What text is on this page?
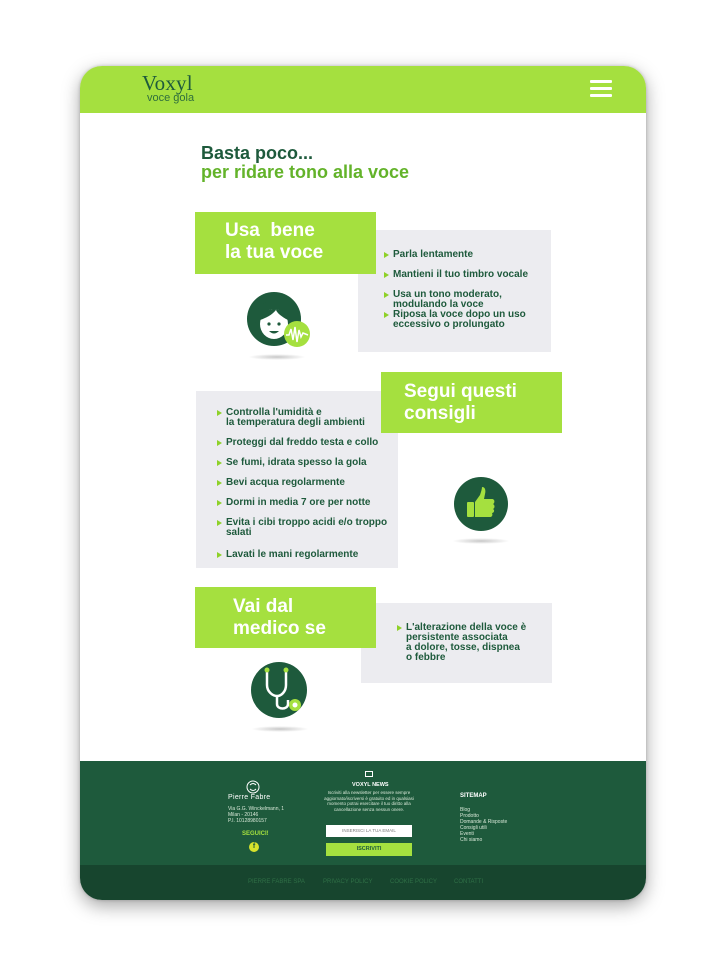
Voxyl
voce gola
Basta poco...
per ridare tono alla voce
Parla lentamente
Mantieni il tuo timbro vocale
Usa un tono moderato,
modulando la voce
Riposa la voce dopo un uso
eccessivo o prolungato
Usa  bene
la tua voce
Controlla l'umidità e
la temperatura degli ambienti
Proteggi dal freddo testa e collo
Se fumi, idrata spesso la gola
Bevi acqua regolarmente
Dormi in media 7 ore per notte
Evita i cibi troppo acidi e/o troppo salati
Lavati le mani regolarmente
Segui questi
consigli
L'alterazione della voce è
persistente associata
a dolore, tosse, dispnea
o febbre
Vai dal
medico se
Pierre Fabre
Via G.G. Winckelmann, 1
Milan - 20146
P.I. 10128980157
SEGUICI!
f
VOXYL NEWS
Iscriviti alla newsletter per essere sempre aggiornato/iscriversi è gratuito ed in qualsiasi momento potrai esercitare il tuo diritto alla cancellazione senza nessun onere.
INSERISCI LA TUA EMAIL
ISCRIVITI
SITEMAP
Blog
Prodotto
Domande & Risposte
Consigli utili
Eventi
Chi siamo
PIERRE FABRE SPA	PRIVACY POLICY	COOKIE POLICY	CONTATTI
